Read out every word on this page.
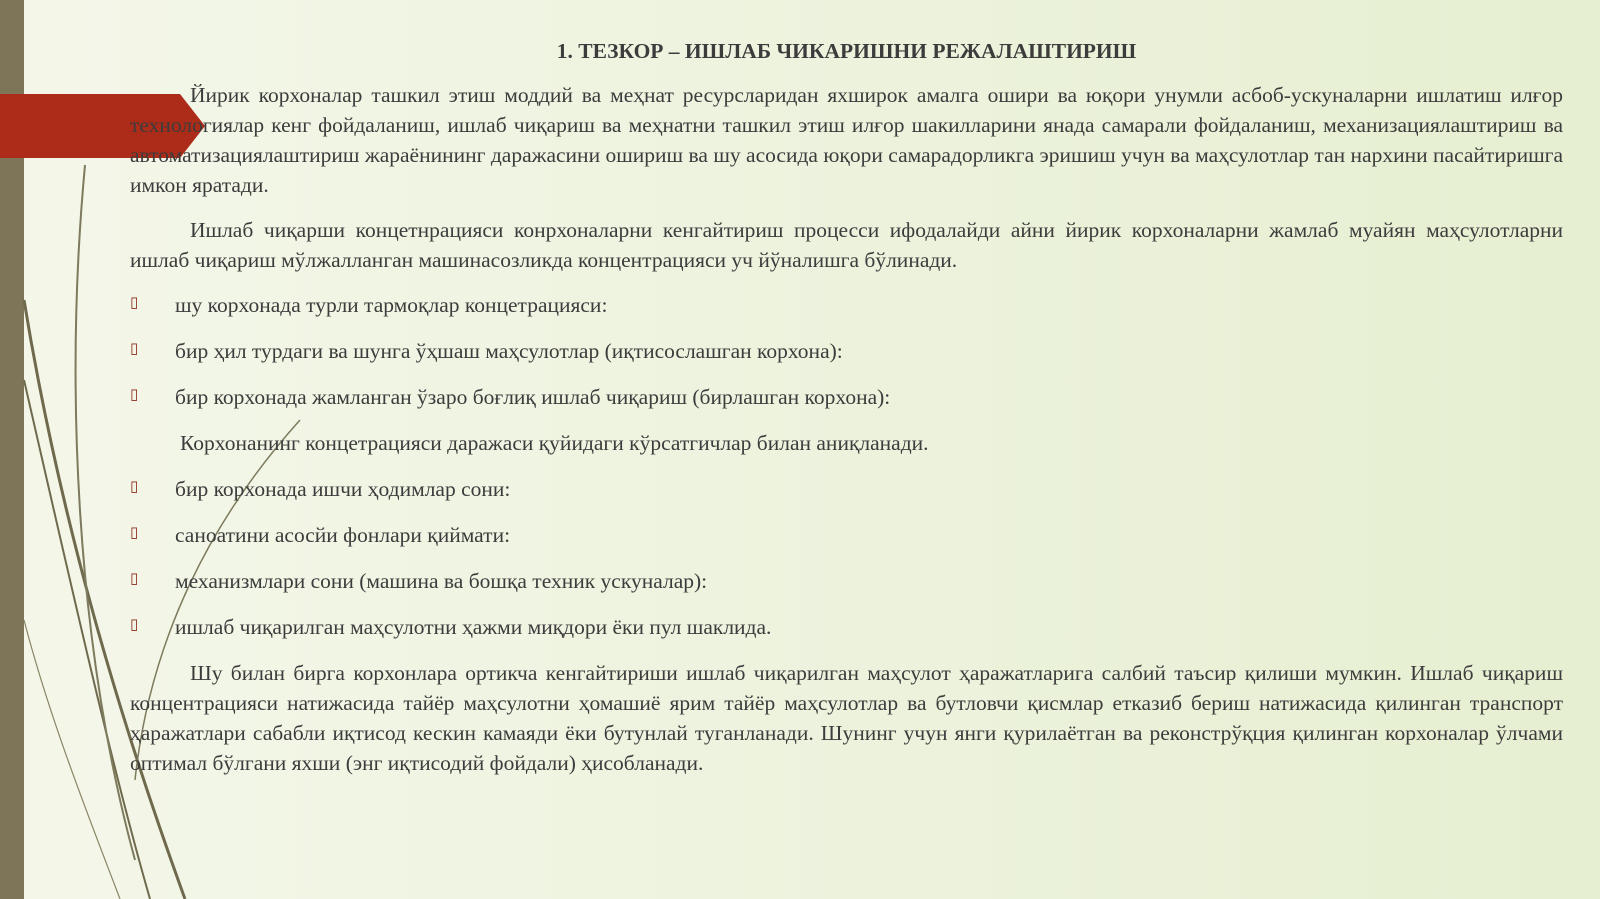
1. ТЕЗКОР – ИШЛАБ ЧИКАРИШНИ РЕЖАЛАШТИРИШ

Йирик корхоналар ташкил этиш моддий ва меҳнат ресурсларидан яхширок амалга ошири ва юқори унумли асбоб-ускуналарни ишлатиш илғор технологиялар кенг фойдаланиш, ишлаб чиқариш ва меҳнатни ташкил этиш илғор шакилларини янада самарали фойдаланиш, механизациялаштириш ва автоматизациялаштириш жараёнининг даражасини ошириш ва шу асосида юқори самарадорликга эришиш учун ва маҳсулотлар тан нархини пасайтиришга имкон яратади.

Ишлаб чиқарши концетнрацияси конрхоналарни кенгайтириш процесси ифодалайди айни йирик корхоналарни жамлаб муайян маҳсулотларни ишлаб чиқариш мўлжалланган машинасозликда концентрацияси уч йўналишга бўлинади.

▯ шу корхонада турли тармоқлар концетрацияси:
▯ бир ҳил турдаги ва шунга ўҳшаш маҳсулотлар (иқтисослашган корхона):
▯ бир корхонада жамланган ўзаро боғлиқ ишлаб чиқариш (бирлашган корхона):
Корхонанинг концетрацияси даражаси қуйидаги кўрсатгичлар билан аниқланади.
▯ бир корхонада ишчи ҳодимлар сони:
▯ саноатини асосйи фонлари қиймати:
▯ механизмлари сони (машина ва бошқа техник ускуналар):
▯ ишлаб чиқарилган маҳсулотни ҳажми миқдори ёки пул шаклида.

Шу билан бирга корхонлара ортикча кенгайтириши ишлаб чиқарилган маҳсулот ҳаражатларига салбий таъсир қилиши мумкин. Ишлаб чиқариш концентрацияси натижасида тайёр маҳсулотни ҳомашиё ярим тайёр маҳсулотлар ва бутловчи қисмлар етказиб бериш натижасида қилинган транспорт ҳаражатлари сабабли иқтисод кескин камаяди ёки бутунлай туганланади. Шунинг учун янги қурилаётган ва реконстрўқция қилинган корхоналар ўлчами оптимал бўлгани яхши (энг иқтисодий фойдали) ҳисобланади.
